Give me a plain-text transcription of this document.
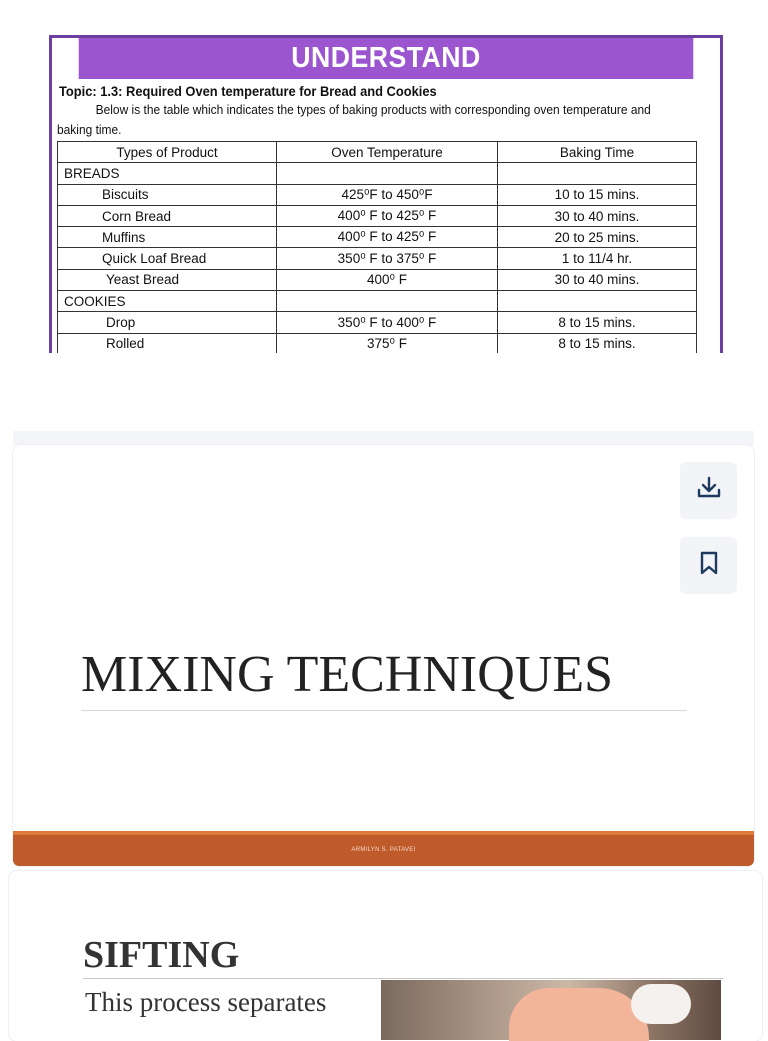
UNDERSTAND
Topic: 1.3: Required Oven temperature for Bread and Cookies
Below is the table which indicates the types of baking products with corresponding oven temperature and
baking time.
Types of Product	Oven Temperature	Baking Time
BREADS		
Biscuits	425⁰F to 450⁰F	10 to 15 mins.
Corn Bread	400⁰ F to 425⁰ F	30 to 40 mins.
Muffins	400⁰ F to 425⁰ F	20 to 25 mins.
Quick Loaf Bread	350⁰ F to 375⁰ F	1 to 11/4 hr.
Yeast Bread	400⁰ F	30 to 40 mins.
COOKIES		
Drop	350⁰ F to 400⁰ F	8 to 15 mins.
Rolled	375⁰ F	8 to 15 mins.
MIXING TECHNIQUES
ARMILYN S. PATAVEI
SIFTING
This process separates
